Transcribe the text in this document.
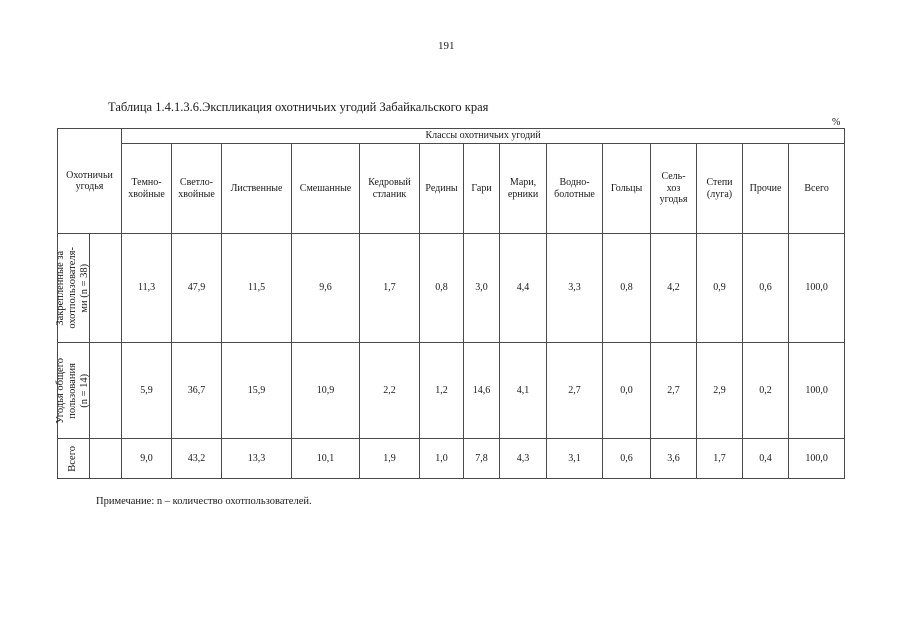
191
Таблица 1.4.1.3.6.Экспликация охотничьих угодий Забайкальского края
%
Охотничьи
угодья		Классы охотничьих угодий													
		Темно-
хвойные	Светло-
хвойные	Лиственные	Смешанные	Кедровый
стланик	Редины	Гари	Мари,
ерники	Водно-
болотные	Гольцы	Сель-
хоз
угодья	Степи
(луга)	Прочие	Всего

Закрепленные за
охотпользователя-
ми (n = 38)		11,3	47,9	11,5	9,6	1,7	0,8	3,0	4,4	3,3	0,8	4,2	0,9	0,6	100,0

Угодья общего
пользования
(n = 14)		5,9	36,7	15,9	10,9	2,2	1,2	14,6	4,1	2,7	0,0	2,7	2,9	0,2	100,0

Всего		9,0	43,2	13,3	10,1	1,9	1,0	7,8	4,3	3,1	0,6	3,6	1,7	0,4	100,0
Примечание: n – количество охотпользователей.
